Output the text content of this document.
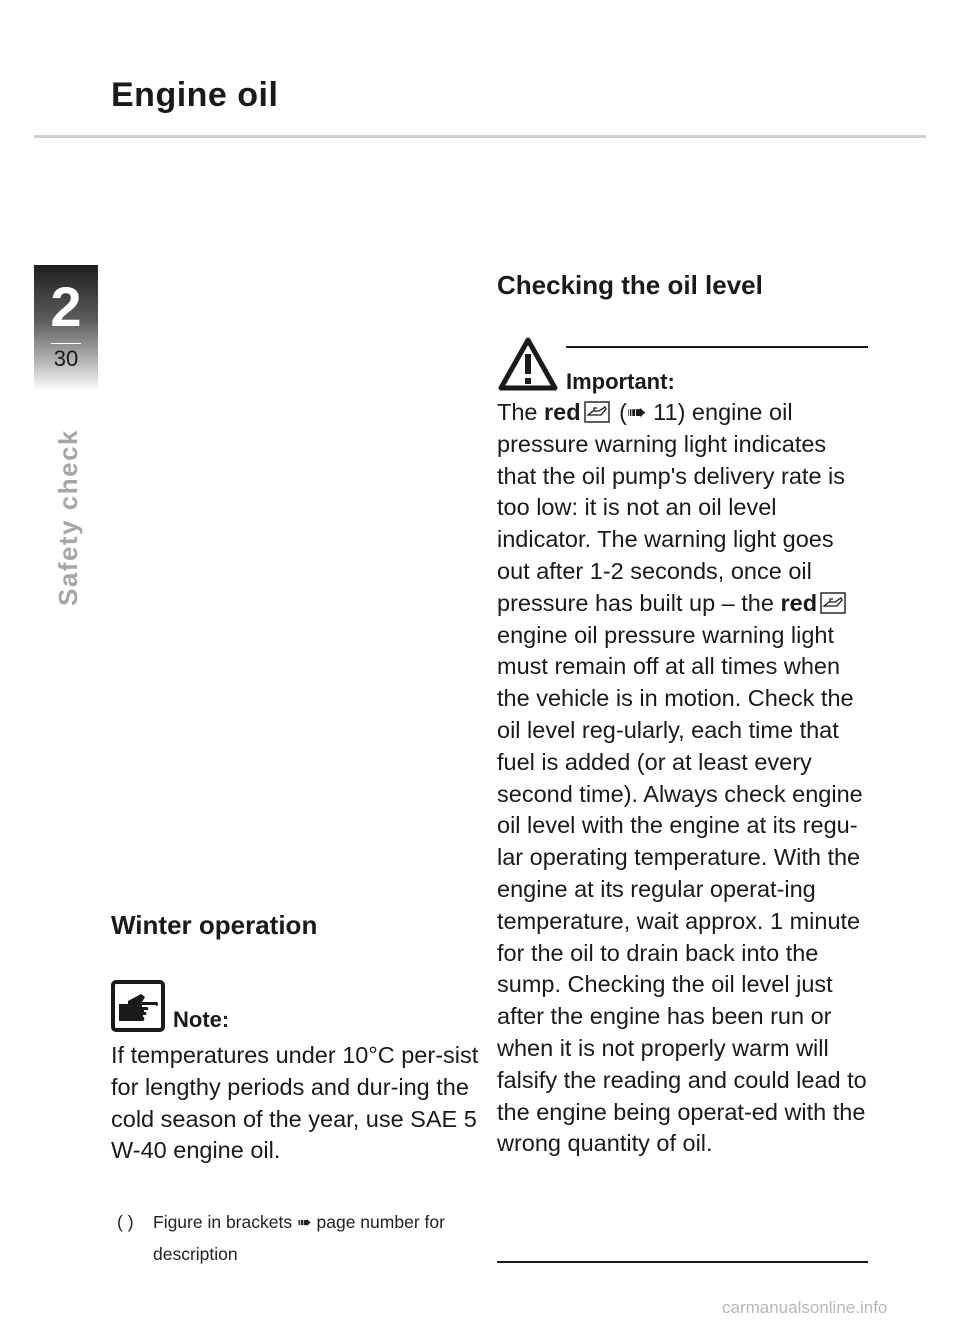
Engine oil
2
30
Safety check
Winter operation
Note:

If temperatures under 10°C per-sist for lengthy periods and dur-ing the cold season of the year, use SAE 5 W-40 engine oil.

( )	Figure in brackets ➠ page number for description
Checking the oil level
Important:

The red (➠ 11) engine oil pressure warning light indicates that the oil pump's delivery rate is too low: it is not an oil level indicator. The warning light goes out after 1-2 seconds, once oil pressure has built up – the red engine oil pressure warning light must remain off at all times when the vehicle is in motion. Check the oil level reg-ularly, each time that fuel is added (or at least every second time). Always check engine oil level with the engine at its regu-lar operating temperature. With the engine at its regular operat-ing temperature, wait approx. 1 minute for the oil to drain back into the sump. Checking the oil level just after the engine has been run or when it is not properly warm will falsify the reading and could lead to the engine being operat-ed with the wrong quantity of oil.

carmanualsonline.info
